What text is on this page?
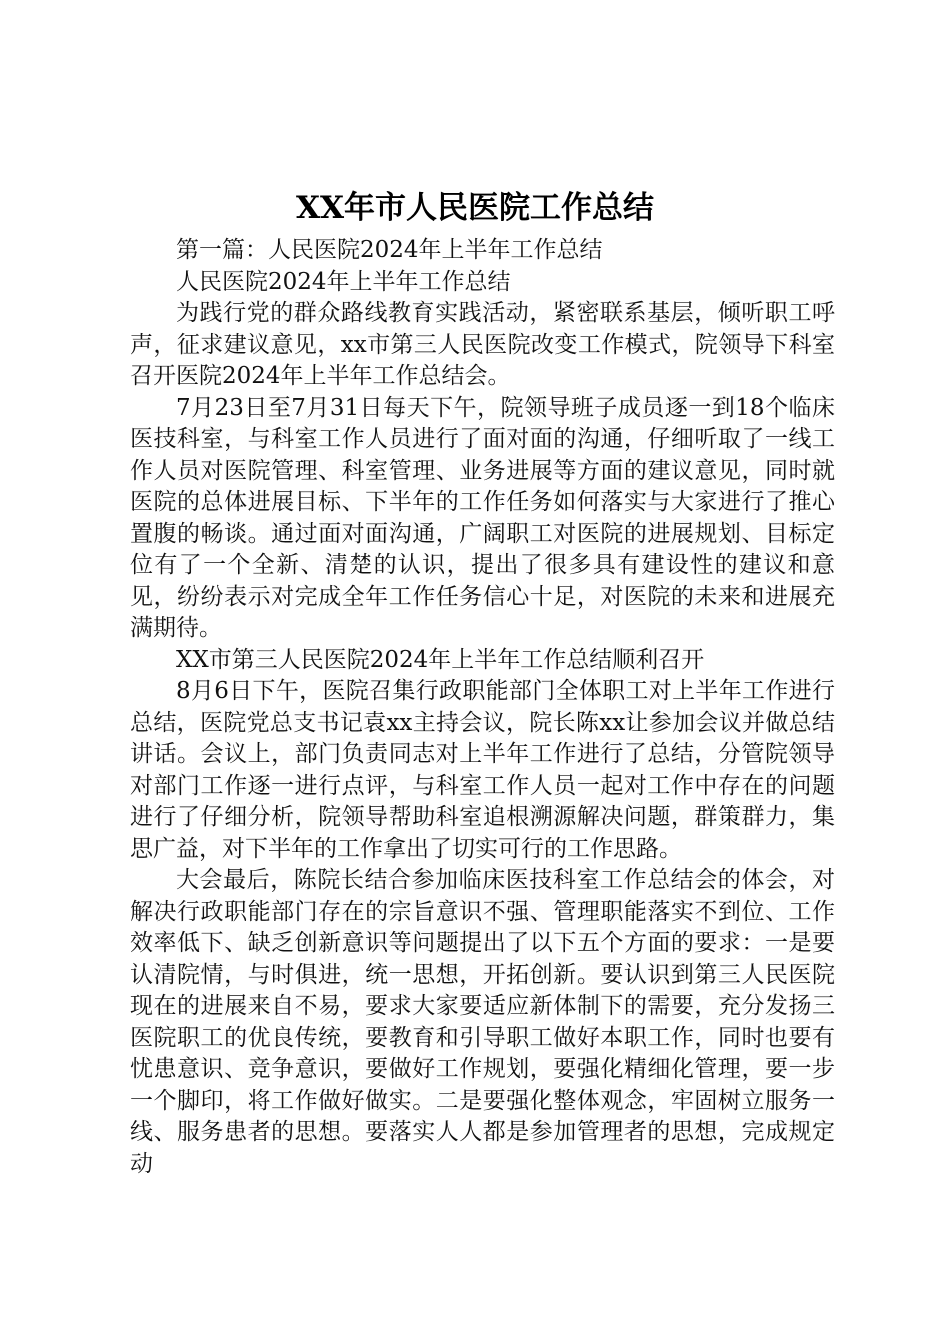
XX年市人民医院工作总结

第一篇：人民医院2024年上半年工作总结

人民医院2024年上半年工作总结

为践行党的群众路线教育实践活动，紧密联系基层，倾听职工呼声，征求建议意见，xx市第三人民医院改变工作模式，院领导下科室召开医院2024年上半年工作总结会。

7月23日至7月31日每天下午，院领导班子成员逐一到18个临床医技科室，与科室工作人员进行了面对面的沟通，仔细听取了一线工作人员对医院管理、科室管理、业务进展等方面的建议意见，同时就医院的总体进展目标、下半年的工作任务如何落实与大家进行了推心置腹的畅谈。通过面对面沟通，广阔职工对医院的进展规划、目标定位有了一个全新、清楚的认识，提出了很多具有建设性的建议和意见，纷纷表示对完成全年工作任务信心十足，对医院的未来和进展充满期待。

XX市第三人民医院2024年上半年工作总结顺利召开

8月6日下午，医院召集行政职能部门全体职工对上半年工作进行总结，医院党总支书记袁xx主持会议，院长陈xx让参加会议并做总结讲话。会议上，部门负责同志对上半年工作进行了总结，分管院领导对部门工作逐一进行点评，与科室工作人员一起对工作中存在的问题进行了仔细分析，院领导帮助科室追根溯源解决问题，群策群力，集思广益，对下半年的工作拿出了切实可行的工作思路。

大会最后，陈院长结合参加临床医技科室工作总结会的体会，对解决行政职能部门存在的宗旨意识不强、管理职能落实不到位、工作效率低下、缺乏创新意识等问题提出了以下五个方面的要求：一是要认清院情，与时俱进，统一思想，开拓创新。要认识到第三人民医院现在的进展来自不易，要求大家要适应新体制下的需要，充分发扬三医院职工的优良传统，要教育和引导职工做好本职工作，同时也要有忧患意识、竞争意识，要做好工作规划，要强化精细化管理，要一步一个脚印，将工作做好做实。二是要强化整体观念，牢固树立服务一线、服务患者的思想。要落实人人都是参加管理者的思想，完成规定动
